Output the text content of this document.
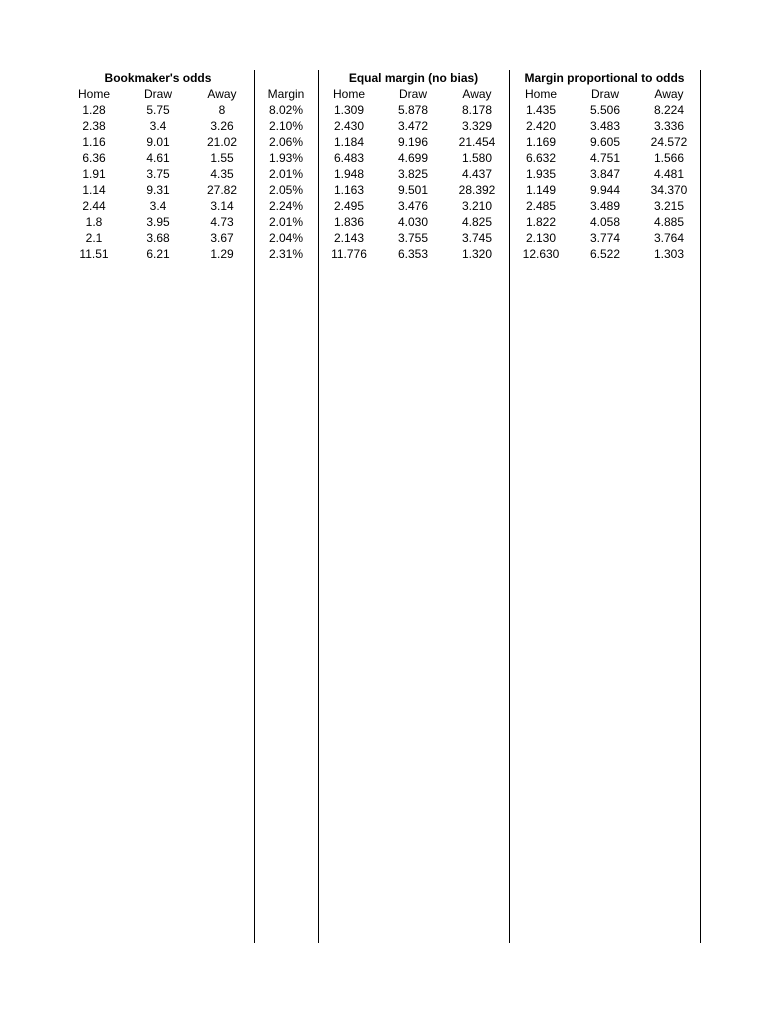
Bookmaker's odds	Equal margin (no bias)	Margin proportional to odds
Home
1.28
2.38
1.16
6.36
1.91
1.14
2.44
1.8
2.1
11.51
Draw
5.75
3.4
9.01
4.61
3.75
9.31
3.4
3.95
3.68
6.21
Away
8
3.26
21.02
1.55
4.35
27.82
3.14
4.73
3.67
1.29
Margin
8.02%
2.10%
2.06%
1.93%
2.01%
2.05%
2.24%
2.01%
2.04%
2.31%
Home
1.309
2.430
1.184
6.483
1.948
1.163
2.495
1.836
2.143
11.776
Draw
5.878
3.472
9.196
4.699
3.825
9.501
3.476
4.030
3.755
6.353
Away
8.178
3.329
21.454
1.580
4.437
28.392
3.210
4.825
3.745
1.320
Home
1.435
2.420
1.169
6.632
1.935
1.149
2.485
1.822
2.130
12.630
Draw
5.506
3.483
9.605
4.751
3.847
9.944
3.489
4.058
3.774
6.522
Away
8.224
3.336
24.572
1.566
4.481
34.370
3.215
4.885
3.764
1.303
